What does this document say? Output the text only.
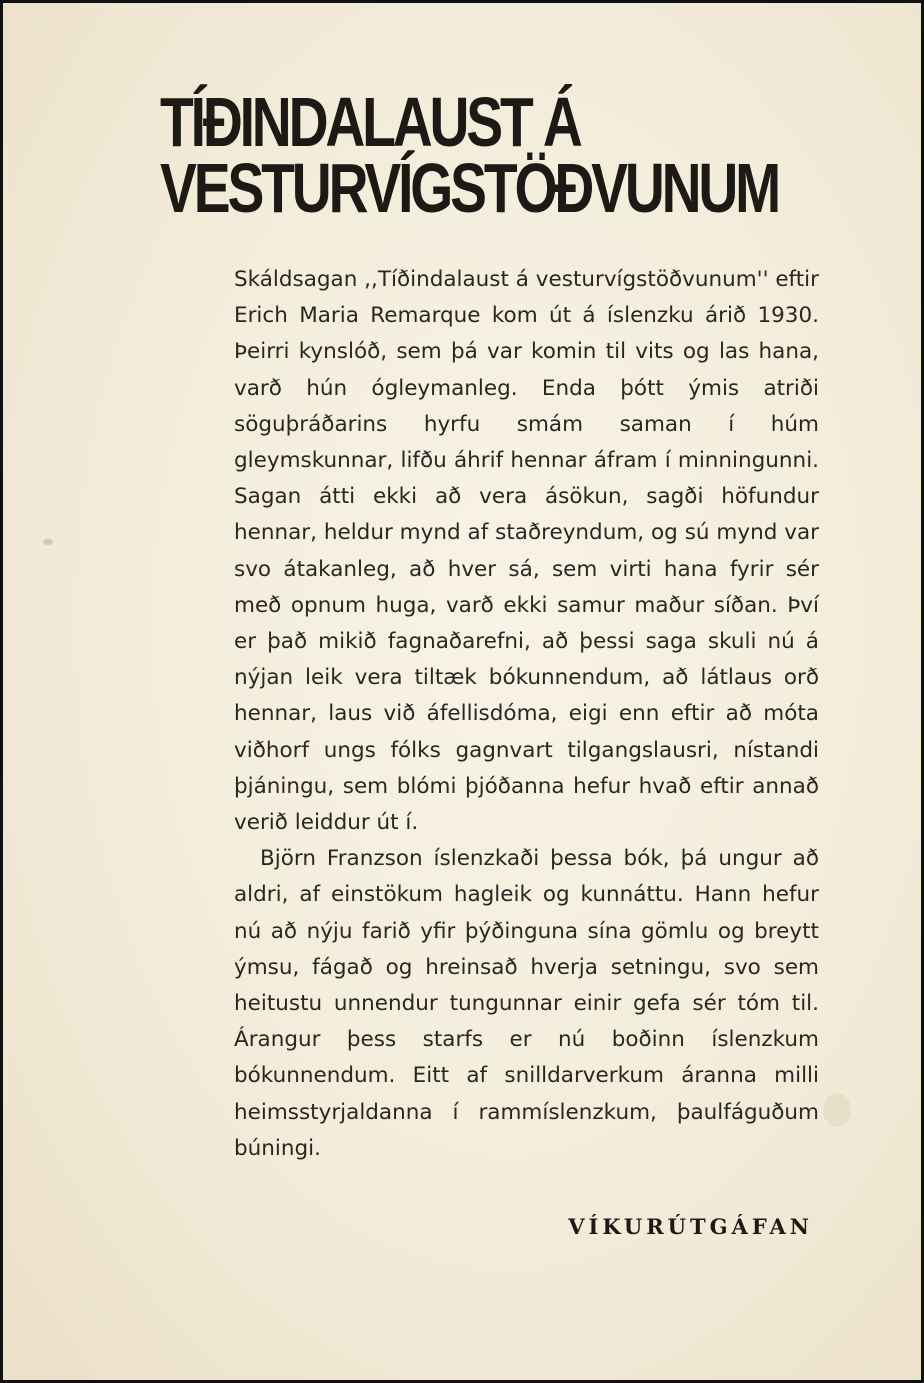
TÍÐINDALAUST Á
VESTURVÍGSTÖÐVUNUM

Skáldsagan ,,Tíðindalaust á vesturvígstöðvunum'' eftir Erich Maria Remarque kom út á íslenzku árið 1930. Þeirri kynslóð, sem þá var komin til vits og las hana, varð hún ógleymanleg. Enda þótt ýmis atriði söguþráðarins hyrfu smám saman í húm gleymskunnar, lifðu áhrif hennar áfram í minningunni. Sagan átti ekki að vera ásökun, sagði höfundur hennar, heldur mynd af staðreyndum, og sú mynd var svo átakanleg, að hver sá, sem virti hana fyrir sér með opnum huga, varð ekki samur maður síðan. Því er það mikið fagnaðarefni, að þessi saga skuli nú á nýjan leik vera tiltæk bókunnendum, að látlaus orð hennar, laus við áfellisdóma, eigi enn eftir að móta viðhorf ungs fólks gagnvart tilgangslausri, nístandi þjáningu, sem blómi þjóðanna hefur hvað eftir annað verið leiddur út í.

Björn Franzson íslenzkaði þessa bók, þá ungur að aldri, af einstökum hagleik og kunnáttu. Hann hefur nú að nýju farið yfir þýðinguna sína gömlu og breytt ýmsu, fágað og hreinsað hverja setningu, svo sem heitustu unnendur tungunnar einir gefa sér tóm til. Árangur þess starfs er nú boðinn íslenzkum bókunnendum. Eitt af snilldarverkum áranna milli heimsstyrjaldanna í rammíslenzkum, þaulfáguðum búningi.

VÍKURÚTGÁFAN
